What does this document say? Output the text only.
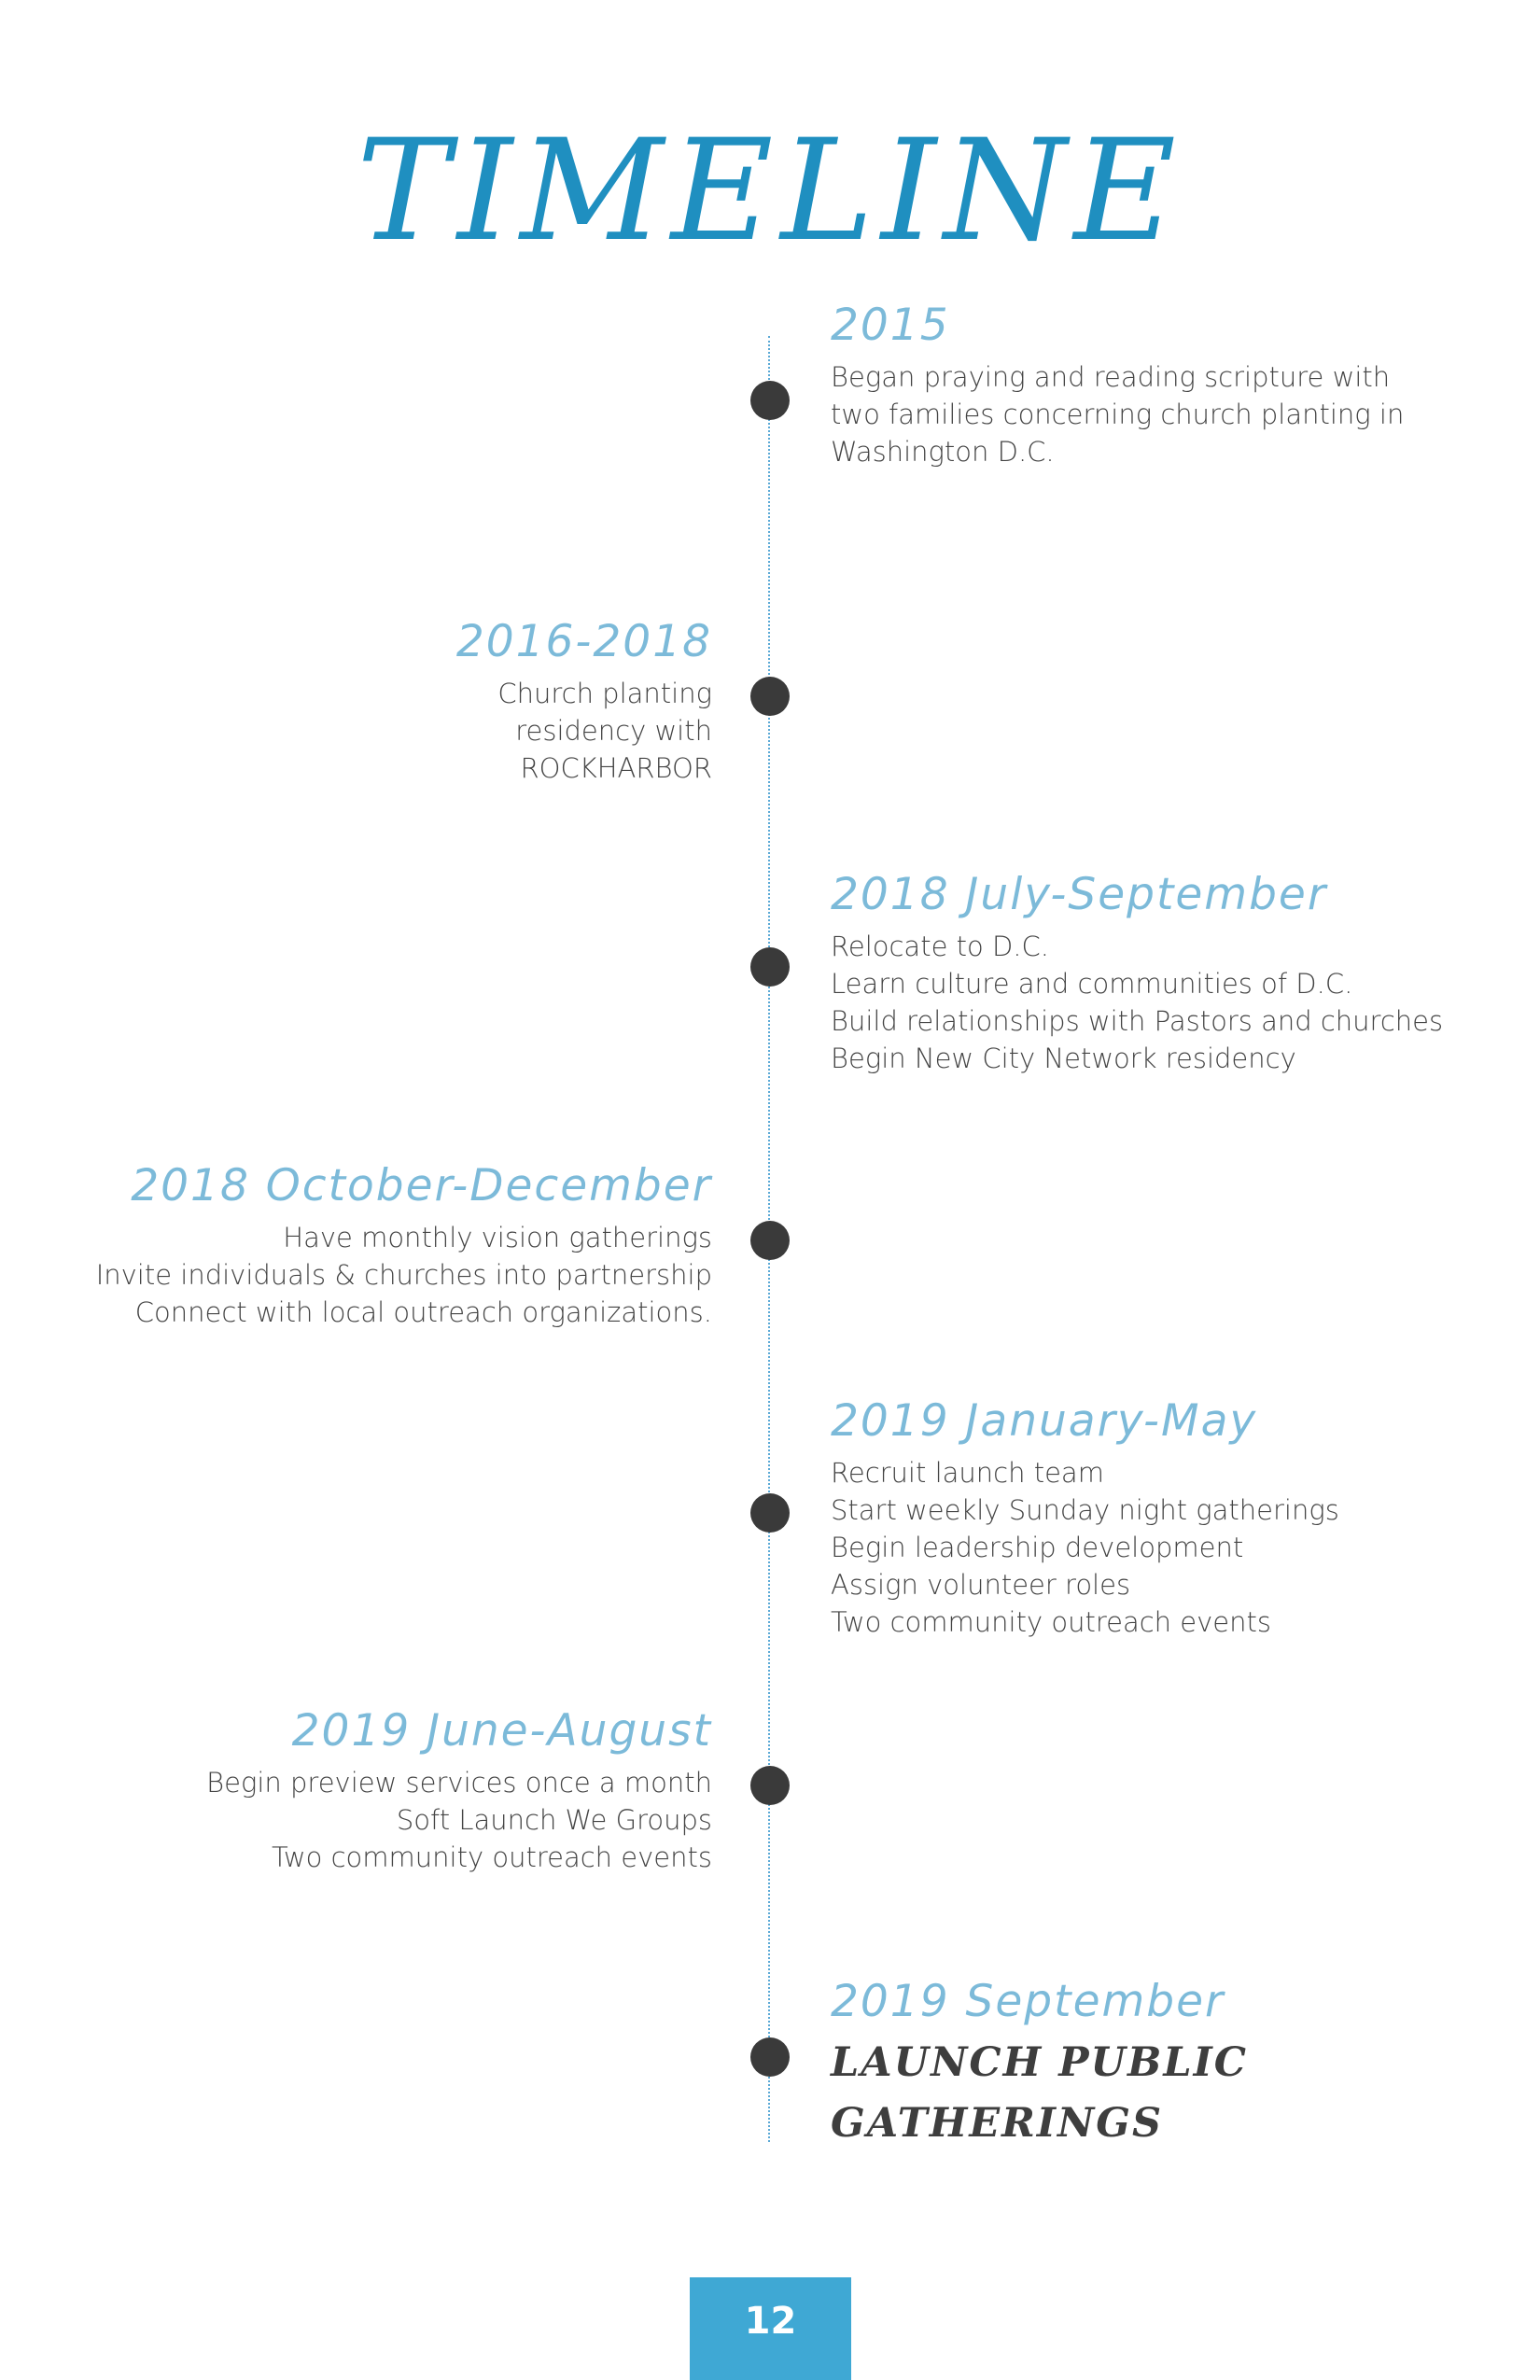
TIMELINE
2015
Began praying and reading scripture with
two families concerning church planting in
Washington D.C.
2016-2018
Church planting
residency with
ROCKHARBOR
2018 July-September
Relocate to D.C.
Learn culture and communities of D.C.
Build relationships with Pastors and churches
Begin New City Network residency
2018 October-December
Have monthly vision gatherings
Invite individuals & churches into partnership
Connect with local outreach organizations.
2019 January-May
Recruit launch team
Start weekly Sunday night gatherings
Begin leadership development
Assign volunteer roles
Two community outreach events
2019 June-August
Begin preview services once a month
Soft Launch We Groups
Two community outreach events
2019 September
LAUNCH PUBLIC
GATHERINGS
12
